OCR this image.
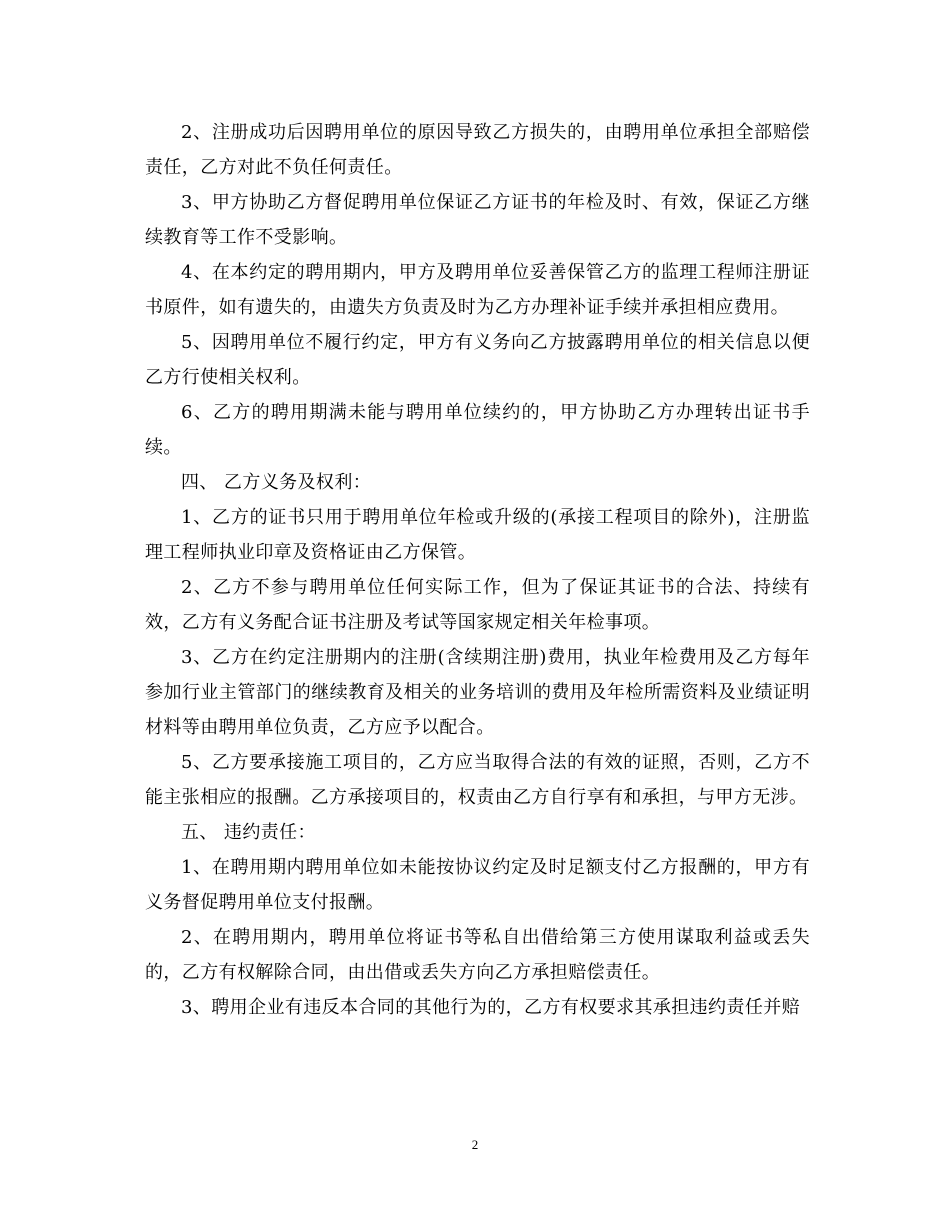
2、注册成功后因聘用单位的原因导致乙方损失的，由聘用单位承担全部赔偿责任，乙方对此不负任何责任。

3、甲方协助乙方督促聘用单位保证乙方证书的年检及时、有效，保证乙方继续教育等工作不受影响。

4、在本约定的聘用期内，甲方及聘用单位妥善保管乙方的监理工程师注册证书原件，如有遗失的，由遗失方负责及时为乙方办理补证手续并承担相应费用。

5、因聘用单位不履行约定，甲方有义务向乙方披露聘用单位的相关信息以便乙方行使相关权利。

6、乙方的聘用期满未能与聘用单位续约的，甲方协助乙方办理转出证书手续。

四、 乙方义务及权利：

1、乙方的证书只用于聘用单位年检或升级的(承接工程项目的除外)，注册监理工程师执业印章及资格证由乙方保管。

2、乙方不参与聘用单位任何实际工作，但为了保证其证书的合法、持续有效，乙方有义务配合证书注册及考试等国家规定相关年检事项。

3、乙方在约定注册期内的注册(含续期注册)费用，执业年检费用及乙方每年参加行业主管部门的继续教育及相关的业务培训的费用及年检所需资料及业绩证明材料等由聘用单位负责，乙方应予以配合。

5、乙方要承接施工项目的，乙方应当取得合法的有效的证照，否则，乙方不能主张相应的报酬。乙方承接项目的，权责由乙方自行享有和承担，与甲方无涉。

五、 违约责任：

1、在聘用期内聘用单位如未能按协议约定及时足额支付乙方报酬的，甲方有义务督促聘用单位支付报酬。

2、在聘用期内，聘用单位将证书等私自出借给第三方使用谋取利益或丢失的，乙方有权解除合同，由出借或丢失方向乙方承担赔偿责任。

3、聘用企业有违反本合同的其他行为的，乙方有权要求其承担违约责任并赔

2
